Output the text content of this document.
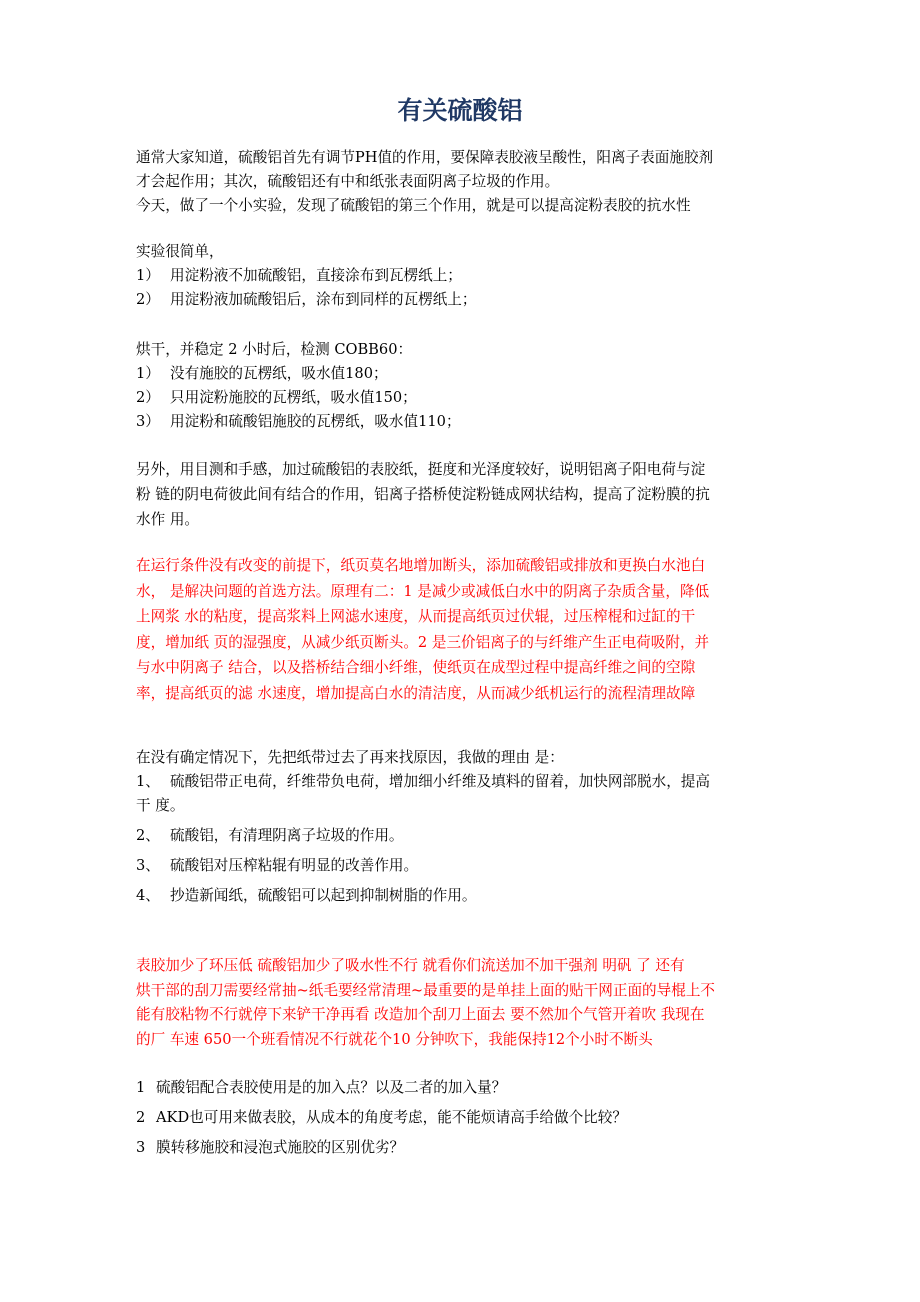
有关硫酸铝
通常大家知道，硫酸铝首先有调节PH值的作用，要保障表胶液呈酸性，阳离子表面施胶剂
才会起作用；其次，硫酸铝还有中和纸张表面阴离子垃圾的作用。
今天，做了一个小实验，发现了硫酸铝的第三个作用，就是可以提高淀粉表胶的抗水性
实验很简单，
1） 用淀粉液不加硫酸铝，直接涂布到瓦楞纸上；
2） 用淀粉液加硫酸铝后，涂布到同样的瓦楞纸上；
烘干，并稳定 2 小时后，检测 COBB60：
1） 没有施胶的瓦楞纸，吸水值180；
2） 只用淀粉施胶的瓦楞纸，吸水值150；
3） 用淀粉和硫酸铝施胶的瓦楞纸，吸水值110；
另外，用目测和手感，加过硫酸铝的表胶纸，挺度和光泽度较好，说明铝离子阳电荷与淀
粉 链的阴电荷彼此间有结合的作用，铝离子搭桥使淀粉链成网状结构，提高了淀粉膜的抗
水作 用。
在运行条件没有改变的前提下，纸页莫名地增加断头，添加硫酸铝或排放和更换白水池白
水， 是解决问题的首选方法。原理有二：1 是减少或减低白水中的阴离子杂质含量，降低
上网浆 水的粘度，提高浆料上网滤水速度，从而提高纸页过伏辊，过压榨棍和过缸的干
度，增加纸 页的湿强度，从减少纸页断头。2 是三价铝离子的与纤维产生正电荷吸附，并
与水中阴离子 结合，以及搭桥结合细小纤维，使纸页在成型过程中提高纤维之间的空隙
率，提高纸页的滤 水速度，增加提高白水的清洁度，从而减少纸机运行的流程清理故障
在没有确定情况下，先把纸带过去了再来找原因，我做的理由 是：
1、 硫酸铝带正电荷，纤维带负电荷，增加细小纤维及填料的留着，加快网部脱水，提高
干 度。
2、 硫酸铝，有清理阴离子垃圾的作用。
3、 硫酸铝对压榨粘辊有明显的改善作用。
4、 抄造新闻纸，硫酸铝可以起到抑制树脂的作用。
表胶加少了环压低 硫酸铝加少了吸水性不行 就看你们流送加不加干强剂 明矾 了 还有
烘干部的刮刀需要经常抽~纸毛要经常清理~最重要的是单挂上面的贴干网正面的导棍上不
能有胶粘物不行就停下来铲干净再看 改造加个刮刀上面去 要不然加个气管开着吹 我现在
的厂 车速 650一个班看情况不行就花个10 分钟吹下，我能保持12个小时不断头
1 硫酸铝配合表胶使用是的加入点？以及二者的加入量？
2 AKD也可用来做表胶，从成本的角度考虑，能不能烦请高手给做个比较？
3 膜转移施胶和浸泡式施胶的区别优劣？
